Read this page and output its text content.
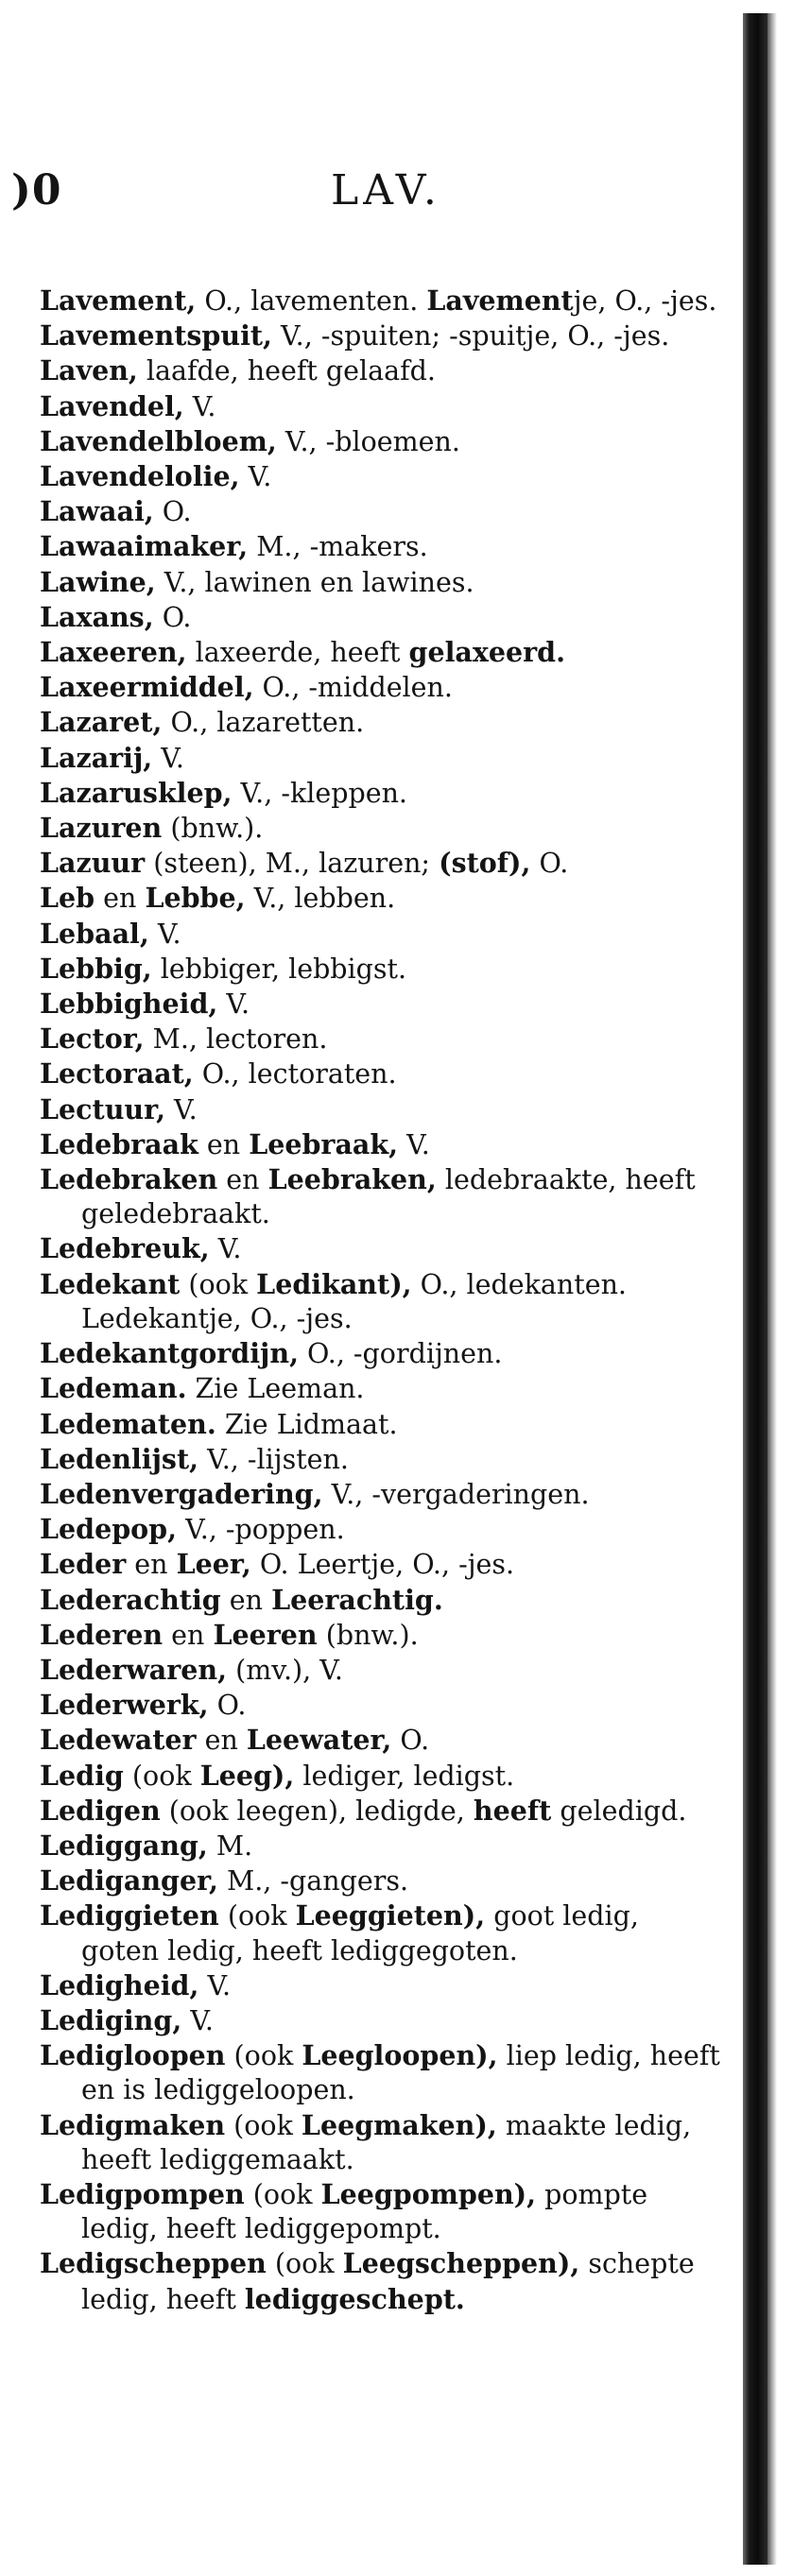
)0	LAV.

Lavement, O., lavementen. Lavementje, O., -jes.

Lavementspuit, V., -spuiten; -spuitje, O., -jes.

Laven, laafde, heeft gelaafd.

Lavendel, V.

Lavendelbloem, V., -bloemen.

Lavendelolie, V.

Lawaai, O.

Lawaaimaker, M., -makers.

Lawine, V., lawinen en lawines.

Laxans, O.

Laxeeren, laxeerde, heeft gelaxeerd.

Laxeermiddel, O., -middelen.

Lazaret, O., lazaretten.

Lazarij, V.

Lazarusklep, V., -kleppen.

Lazuren (bnw.).

Lazuur (steen), M., lazuren; (stof), O.

Leb en Lebbe, V., lebben.

Lebaal, V.

Lebbig, lebbiger, lebbigst.

Lebbigheid, V.

Lector, M., lectoren.

Lectoraat, O., lectoraten.

Lectuur, V.

Ledebraak en Leebraak, V.

Ledebraken en Leebraken, ledebraakte, heeft geledebraakt.

Ledebreuk, V.

Ledekant (ook Ledikant), O., ledekanten. Ledekantje, O., -jes.

Ledekantgordijn, O., -gordijnen.

Ledeman. Zie Leeman.

Ledematen. Zie Lidmaat.

Ledenlijst, V., -lijsten.

Ledenvergadering, V., -vergaderingen.

Ledepop, V., -poppen.

Leder en Leer, O. Leertje, O., -jes.

Lederachtig en Leerachtig.

Lederen en Leeren (bnw.).

Lederwaren, (mv.), V.

Lederwerk, O.

Ledewater en Leewater, O.

Ledig (ook Leeg), lediger, ledigst.

Ledigen (ook leegen), ledigde, heeft geledigd.

Lediggang, M.

Lediganger, M., -gangers.

Lediggieten (ook Leeggieten), goot ledig, goten ledig, heeft lediggegoten.

Ledigheid, V.

Lediging, V.

Ledigloopen (ook Leegloopen), liep ledig, heeft en is lediggeloopen.

Ledigmaken (ook Leegmaken), maakte ledig, heeft lediggemaakt.

Ledigpompen (ook Leegpompen), pompte ledig, heeft lediggepompt.

Ledigscheppen (ook Leegscheppen), schepte ledig, heeft lediggeschept.
